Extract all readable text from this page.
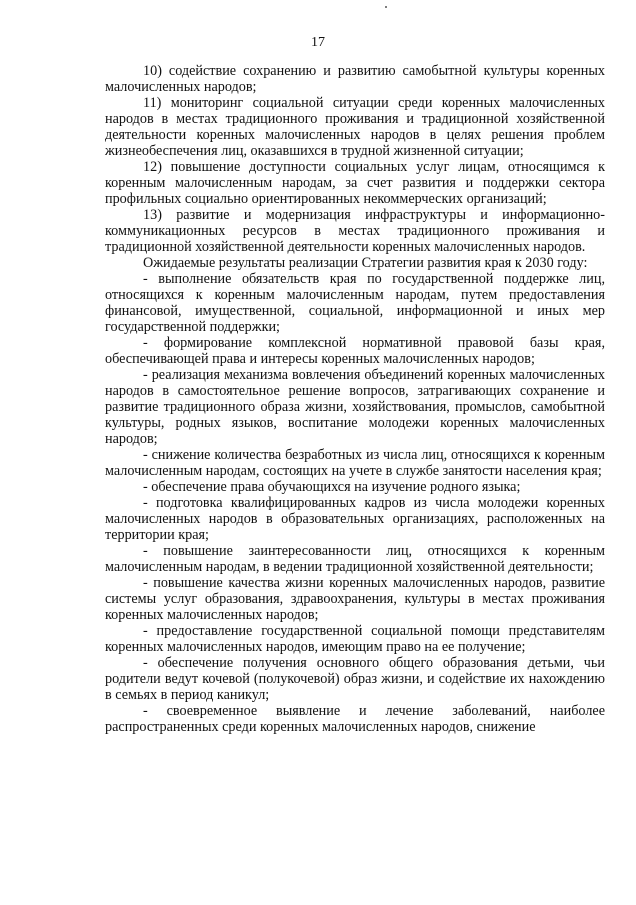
17

10) содействие сохранению и развитию самобытной культуры коренных малочисленных народов;

11) мониторинг социальной ситуации среди коренных малочисленных народов в местах традиционного проживания и традиционной хозяйственной деятельности коренных малочисленных народов в целях решения проблем жизнеобеспечения лиц, оказавшихся в трудной жизненной ситуации;

12) повышение доступности социальных услуг лицам, относящимся к коренным малочисленным народам, за счет развития и поддержки сектора профильных социально ориентированных некоммерческих организаций;

13) развитие и модернизация инфраструктуры и информационно-коммуникационных ресурсов в местах традиционного проживания и традиционной хозяйственной деятельности коренных малочисленных народов.

Ожидаемые результаты реализации Стратегии развития края к 2030 году:

- выполнение обязательств края по государственной поддержке лиц, относящихся к коренным малочисленным народам, путем предоставления финансовой, имущественной, социальной, информационной и иных мер государственной поддержки;

- формирование комплексной нормативной правовой базы края, обеспечивающей права и интересы коренных малочисленных народов;

- реализация механизма вовлечения объединений коренных малочисленных народов в самостоятельное решение вопросов, затрагивающих сохранение и развитие традиционного образа жизни, хозяйствования, промыслов, самобытной культуры, родных языков, воспитание молодежи коренных малочисленных народов;

- снижение количества безработных из числа лиц, относящихся к коренным малочисленным народам, состоящих на учете в службе занятости населения края;

- обеспечение права обучающихся на изучение родного языка;

- подготовка квалифицированных кадров из числа молодежи коренных малочисленных народов в образовательных организациях, расположенных на территории края;

- повышение заинтересованности лиц, относящихся к коренным малочисленным народам, в ведении традиционной хозяйственной деятельности;

- повышение качества жизни коренных малочисленных народов, развитие системы услуг образования, здравоохранения, культуры в местах проживания коренных малочисленных народов;

- предоставление государственной социальной помощи представителям коренных малочисленных народов, имеющим право на ее получение;

- обеспечение получения основного общего образования детьми, чьи родители ведут кочевой (полукочевой) образ жизни, и содействие их нахождению в семьях в период каникул;

- своевременное выявление и лечение заболеваний, наиболее распространенных среди коренных малочисленных народов, снижение
